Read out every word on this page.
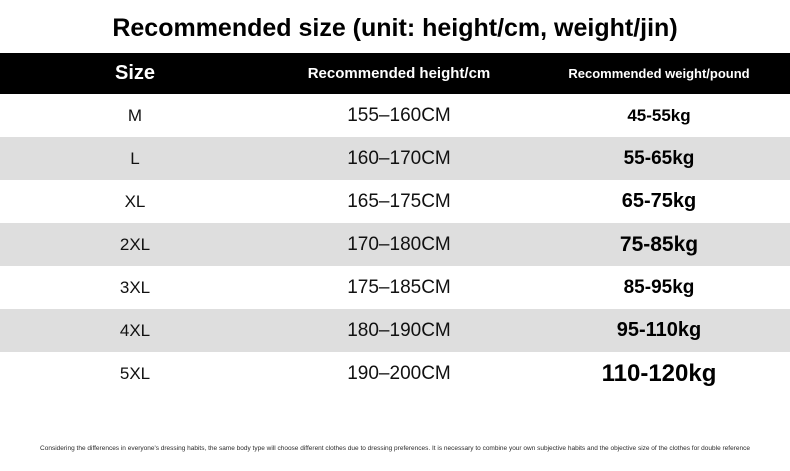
Recommended size (unit: height/cm, weight/jin)
Size	Recommended height/cm	Recommended weight/pound
M	155–160CM	45-55kg
L	160–170CM	55-65kg
XL	165–175CM	65-75kg
2XL	170–180CM	75-85kg
3XL	175–185CM	85-95kg
4XL	180–190CM	95-110kg
5XL	190–200CM	110-120kg
Considering the differences in everyone's dressing habits, the same body type will choose different clothes due to dressing preferences. It is necessary to combine your own subjective habits and the objective size of the clothes for double reference
